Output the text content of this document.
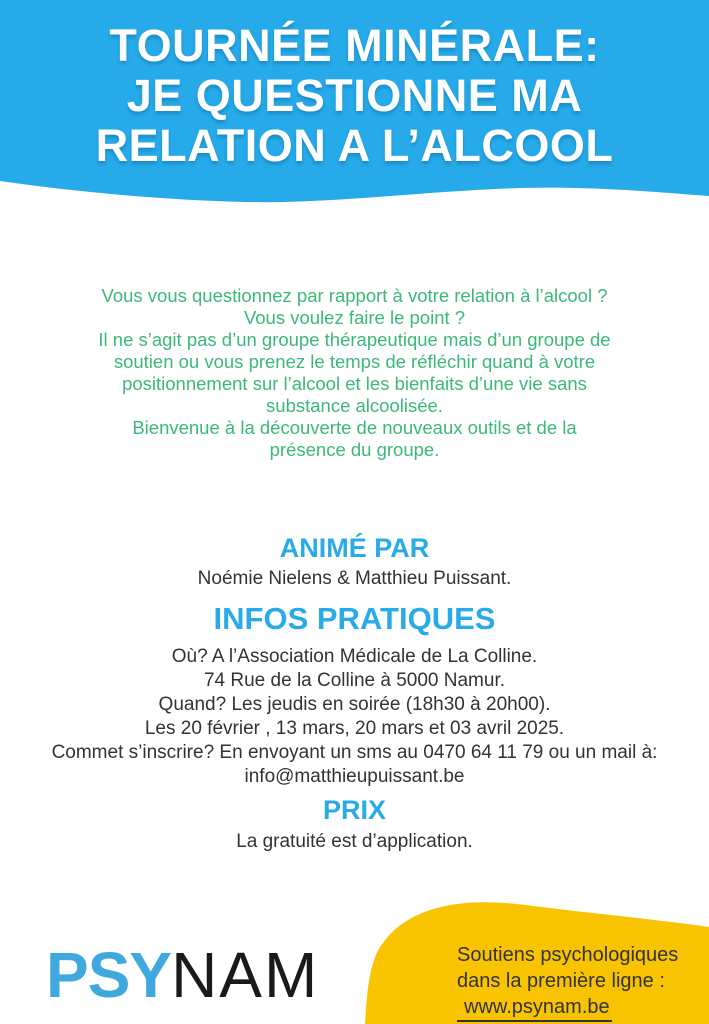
TOURNÉE MINÉRALE:
JE QUESTIONNE MA
RELATION A L’ALCOOL
Vous vous questionnez par rapport à votre relation à l’alcool ?
Vous voulez faire le point ?
Il ne s’agit pas d’un groupe thérapeutique mais d’un groupe de
soutien ou vous prenez le temps de réfléchir quand à votre
positionnement sur l’alcool et les bienfaits d’une vie sans
substance alcoolisée.
Bienvenue à la découverte de nouveaux outils et de la
présence du groupe.
ANIMÉ PAR
Noémie Nielens & Matthieu Puissant.
INFOS PRATIQUES
Où? A l’Association Médicale de La Colline.
74 Rue de la Colline à 5000 Namur.
Quand? Les jeudis en soirée (18h30 à 20h00).
Les 20 février , 13 mars, 20 mars et 03 avril 2025.
Commet s’inscrire? En envoyant un sms au 0470 64 11 79 ou un mail à:
info@matthieupuissant.be
PRIX
La gratuité est d’application.
PSYNAM	Soutiens psychologiques
dans la première ligne :
www.psynam.be
